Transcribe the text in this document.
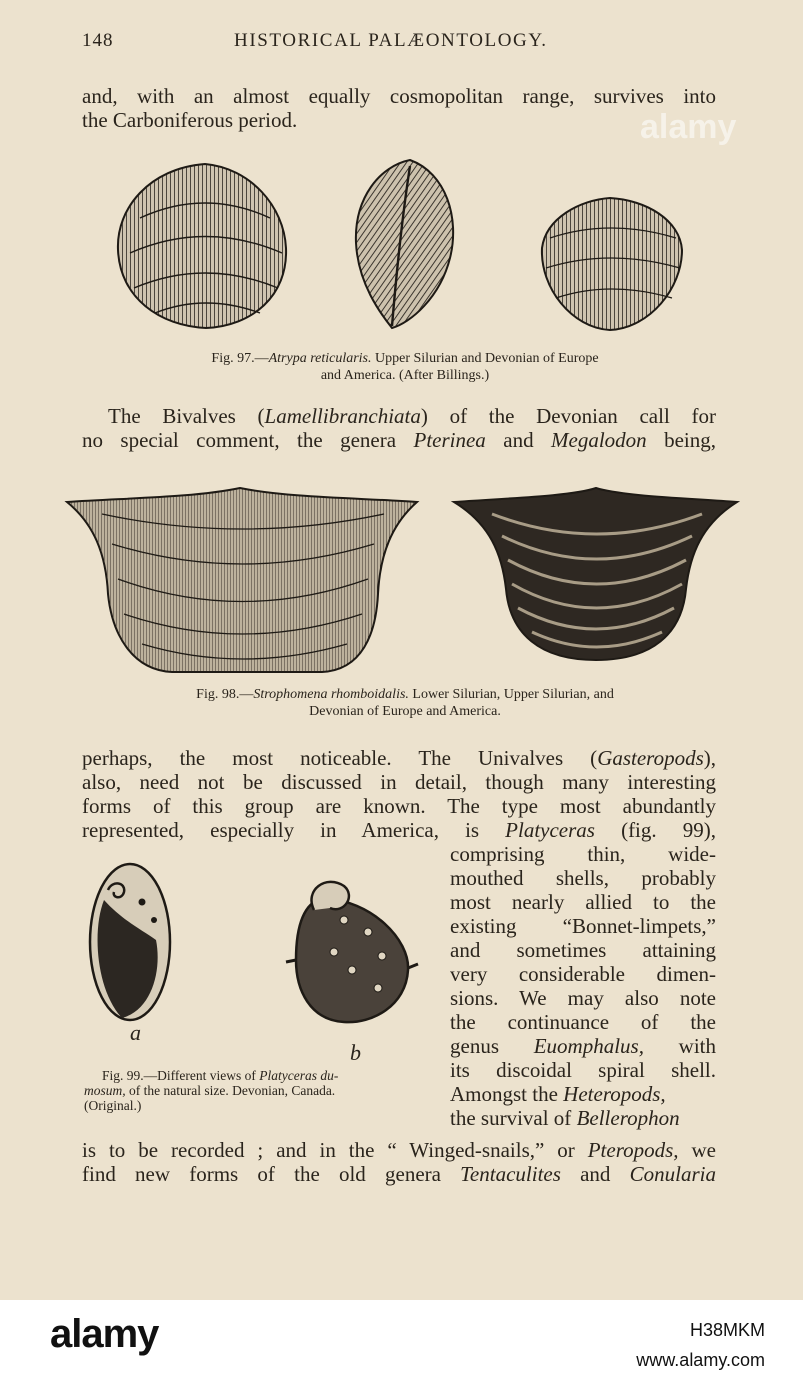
148	HISTORICAL PALÆONTOLOGY.

and, with an almost equally cosmopolitan range, survives into
the Carboniferous period.

Fig. 97.—Atrypa reticularis. Upper Silurian and Devonian of Europe
and America. (After Billings.)

The Bivalves (Lamellibranchiata) of the Devonian call for
no special comment, the genera Pterinea and Megalodon being,

Fig. 98.—Strophomena rhomboidalis. Lower Silurian, Upper Silurian, and
Devonian of Europe and America.

perhaps, the most noticeable. The Univalves (Gasteropods),
also, need not be discussed in detail, though many interesting
forms of this group are known. The type most abundantly
represented, especially in America, is Platyceras (fig. 99),

comprising thin, wide-
mouthed shells, probably
most nearly allied to the
existing “Bonnet-limpets,”
and sometimes attaining
very considerable dimen-
sions. We may also note
the continuance of the
genus Euomphalus, with
its discoidal spiral shell.
Amongst the Heteropods,
the survival of Bellerophon

a
b

Fig. 99.—Different views of Platyceras du-
mosum, of the natural size. Devonian, Canada.
(Original.)

is to be recorded ; and in the “ Winged-snails,” or Pteropods, we
find new forms of the old genera Tentaculites and Conularia

alamy
alamy	H38MKM
www.alamy.com
